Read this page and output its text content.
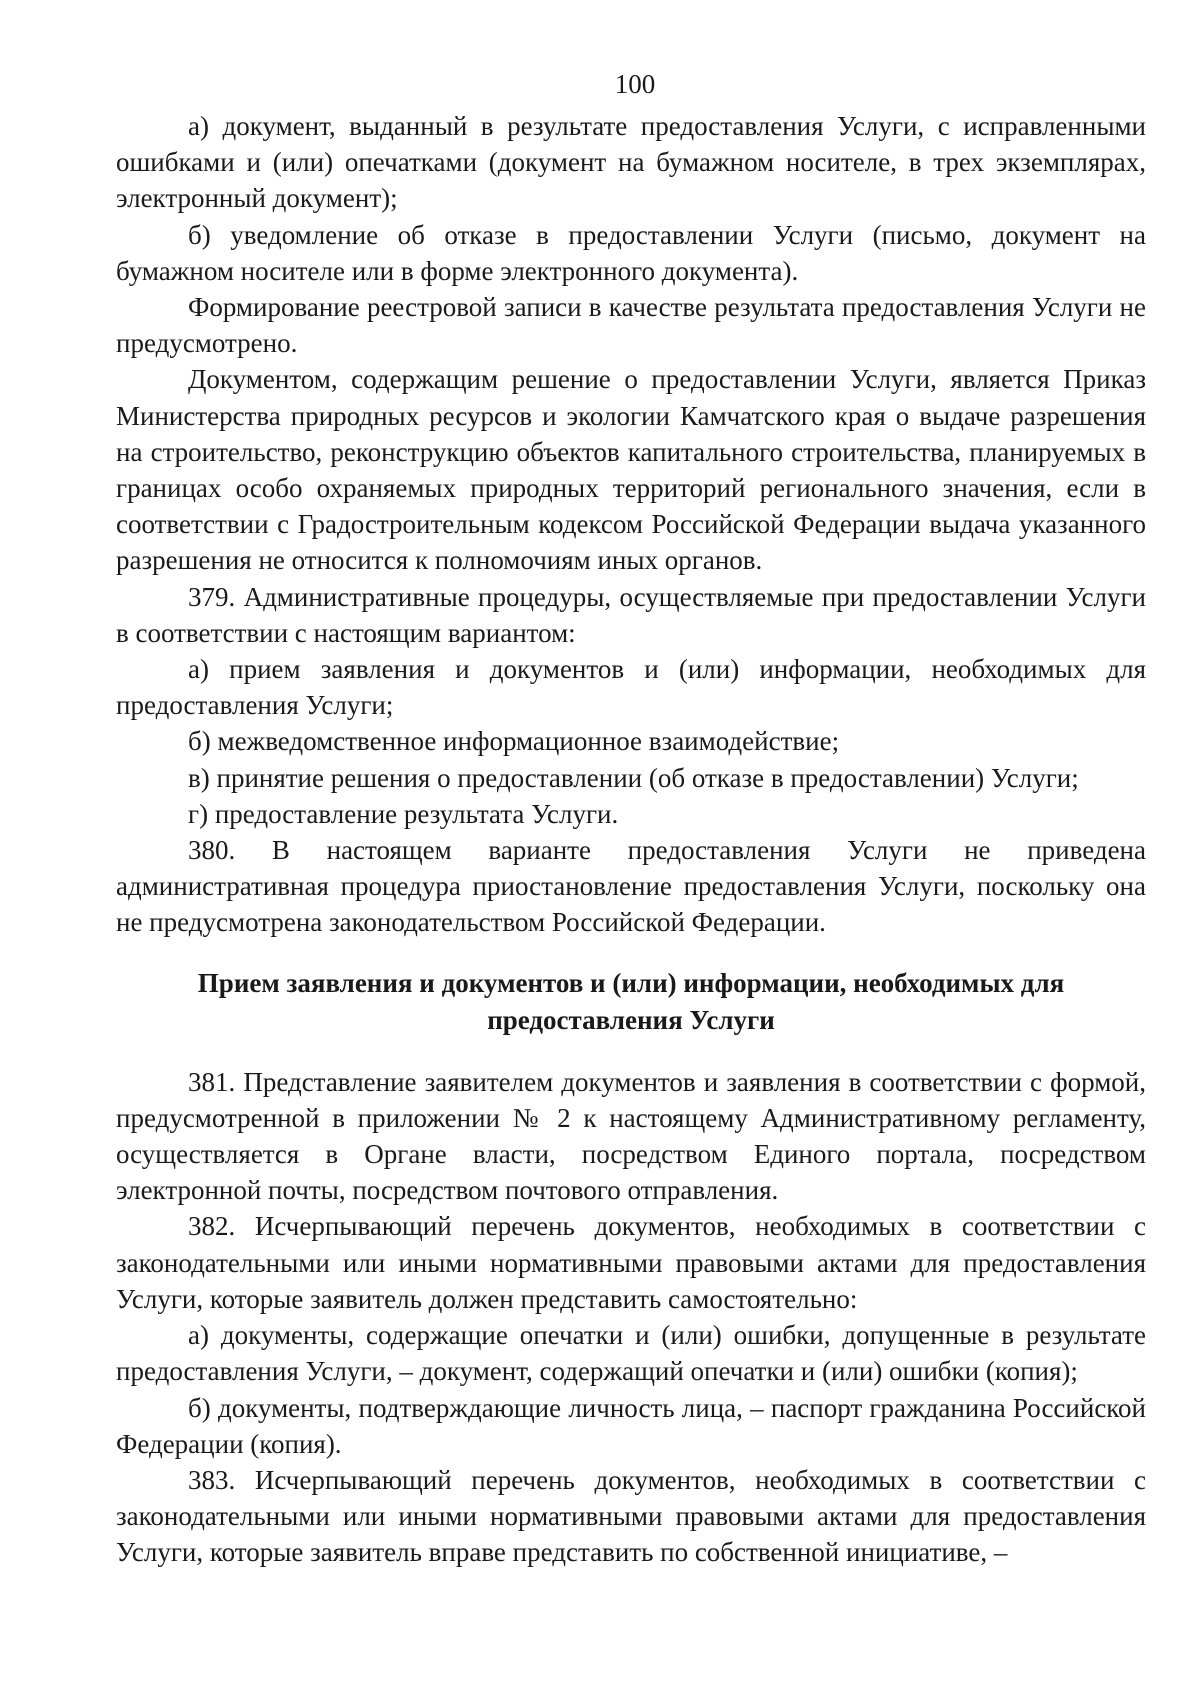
100

а) документ, выданный в результате предоставления Услуги, с исправленными ошибками и (или) опечатками (документ на бумажном носителе, в трех экземплярах, электронный документ);

б) уведомление об отказе в предоставлении Услуги (письмо, документ на бумажном носителе или в форме электронного документа).

Формирование реестровой записи в качестве результата предоставления Услуги не предусмотрено.

Документом, содержащим решение о предоставлении Услуги, является Приказ Министерства природных ресурсов и экологии Камчатского края о выдаче разрешения на строительство, реконструкцию объектов капитального строительства, планируемых в границах особо охраняемых природных территорий регионального значения, если в соответствии с Градостроительным кодексом Российской Федерации выдача указанного разрешения не относится к полномочиям иных органов.

379. Административные процедуры, осуществляемые при предоставлении Услуги в соответствии с настоящим вариантом:

а) прием заявления и документов и (или) информации, необходимых для предоставления Услуги;

б) межведомственное информационное взаимодействие;

в) принятие решения о предоставлении (об отказе в предоставлении) Услуги;

г) предоставление результата Услуги.

380. В настоящем варианте предоставления Услуги не приведена административная процедура приостановление предоставления Услуги, поскольку она не предусмотрена законодательством Российской Федерации.

Прием заявления и документов и (или) информации, необходимых для предоставления Услуги

381. Представление заявителем документов и заявления в соответствии с формой, предусмотренной в приложении № 2 к настоящему Административному регламенту, осуществляется в Органе власти, посредством Единого портала, посредством электронной почты, посредством почтового отправления.

382. Исчерпывающий перечень документов, необходимых в соответствии с законодательными или иными нормативными правовыми актами для предоставления Услуги, которые заявитель должен представить самостоятельно:

а) документы, содержащие опечатки и (или) ошибки, допущенные в результате предоставления Услуги, – документ, содержащий опечатки и (или) ошибки (копия);

б) документы, подтверждающие личность лица, – паспорт гражданина Российской Федерации (копия).

383. Исчерпывающий перечень документов, необходимых в соответствии с законодательными или иными нормативными правовыми актами для предоставления Услуги, которые заявитель вправе представить по собственной инициативе, –
